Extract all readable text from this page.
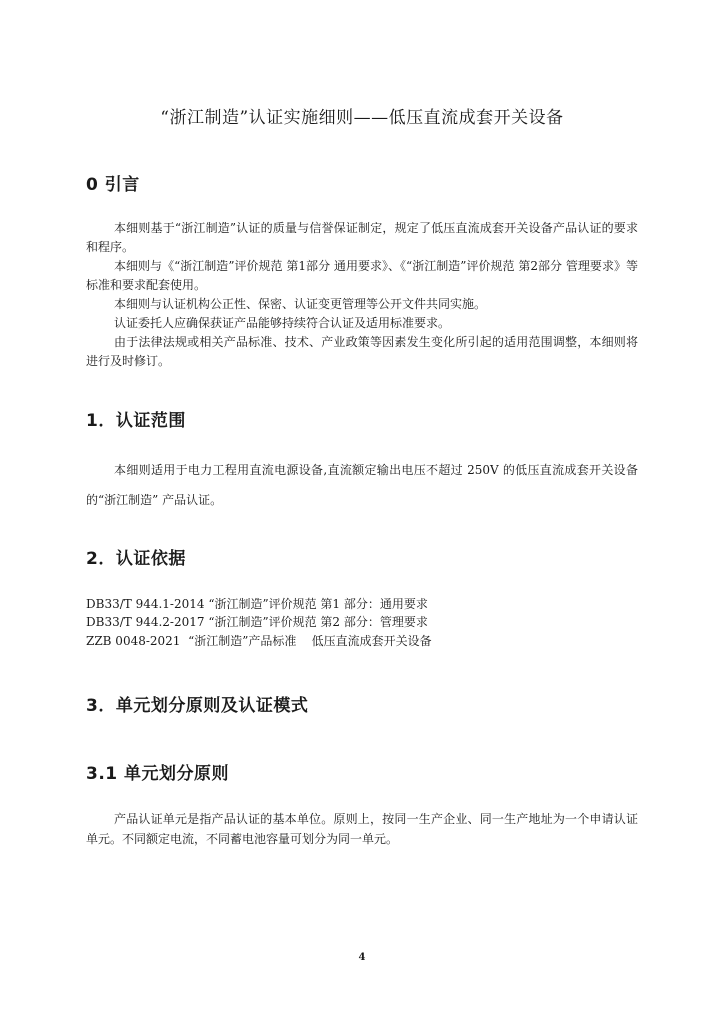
“浙江制造”认证实施细则——低压直流成套开关设备
0 引言

本细则基于“浙江制造”认证的质量与信誉保证制定，规定了低压直流成套开关设备产品认证的要求和程序。

本细则与《“浙江制造”评价规范 第1部分 通用要求》、《“浙江制造”评价规范 第2部分 管理要求》等标准和要求配套使用。

本细则与认证机构公正性、保密、认证变更管理等公开文件共同实施。

认证委托人应确保获证产品能够持续符合认证及适用标准要求。

由于法律法规或相关产品标准、技术、产业政策等因素发生变化所引起的适用范围调整，本细则将进行及时修订。

1．认证范围

本细则适用于电力工程用直流电源设备,直流额定输出电压不超过 250V 的低压直流成套开关设备的“浙江制造” 产品认证。

2．认证依据

DB33/T 944.1-2014 “浙江制造”评价规范 第1 部分：通用要求

DB33/T 944.2-2017 “浙江制造”评价规范 第2 部分：管理要求

ZZB 0048-2021  “浙江制造”产品标准    低压直流成套开关设备

3．单元划分原则及认证模式
3.1 单元划分原则

产品认证单元是指产品认证的基本单位。原则上，按同一生产企业、同一生产地址为一个申请认证单元。不同额定电流，不同蓄电池容量可划分为同一单元。

4
